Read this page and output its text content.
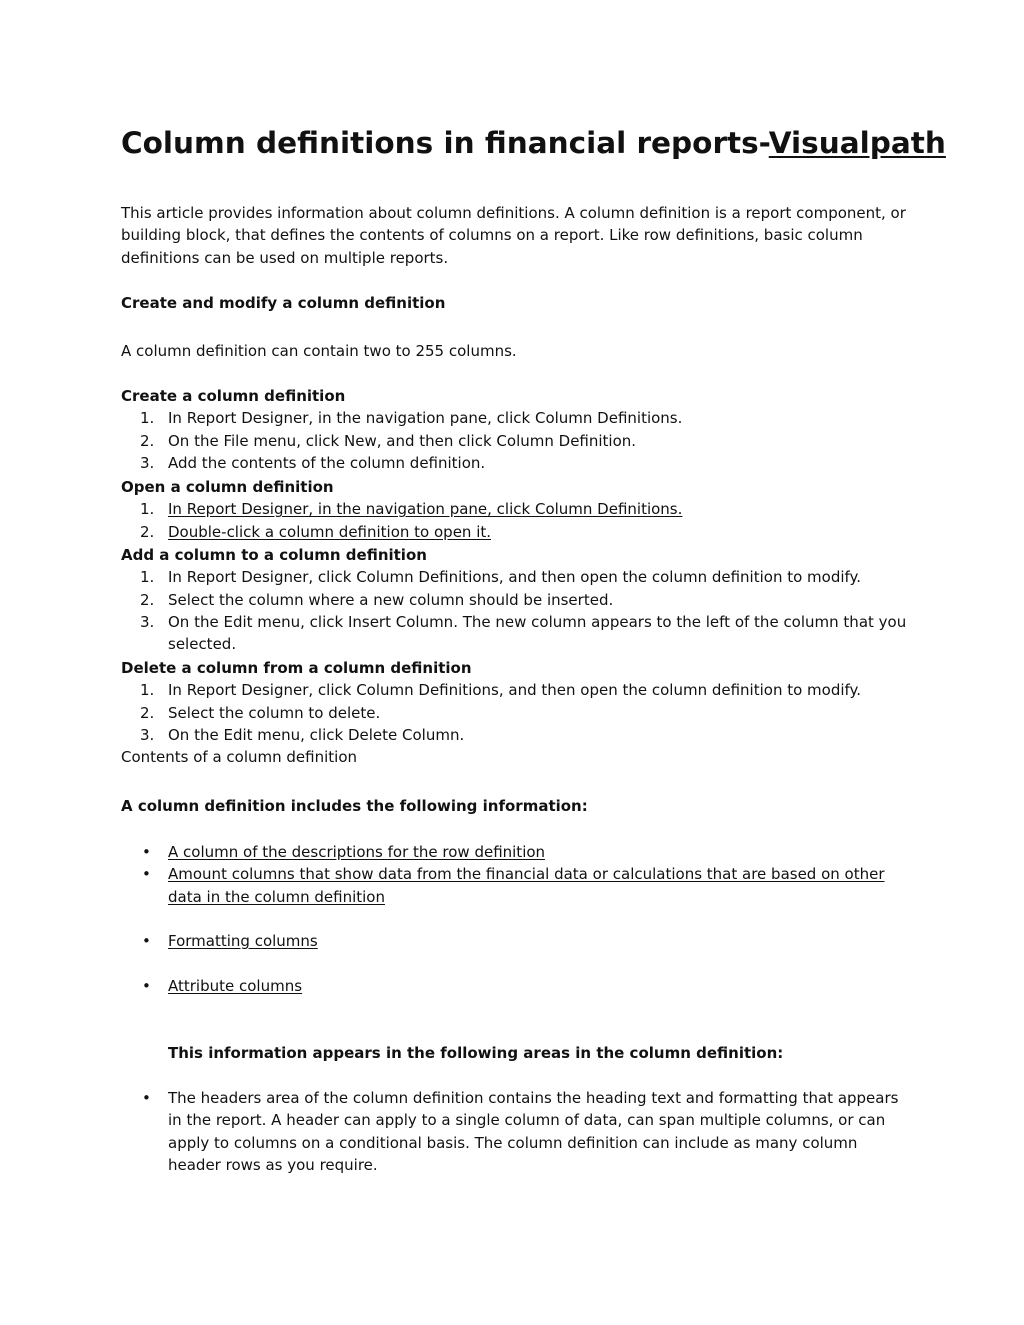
Column definitions in financial reports-Visualpath
This article provides information about column definitions. A column definition is a report component, or building block, that defines the contents of columns on a report. Like row definitions, basic column definitions can be used on multiple reports.
Create and modify a column definition
A column definition can contain two to 255 columns.
Create a column definition
1. In Report Designer, in the navigation pane, click Column Definitions.
2. On the File menu, click New, and then click Column Definition.
3. Add the contents of the column definition.
Open a column definition
1. In Report Designer, in the navigation pane, click Column Definitions.
2. Double-click a column definition to open it.
Add a column to a column definition
1. In Report Designer, click Column Definitions, and then open the column definition to modify.
2. Select the column where a new column should be inserted.
3. On the Edit menu, click Insert Column. The new column appears to the left of the column that you selected.
Delete a column from a column definition
1. In Report Designer, click Column Definitions, and then open the column definition to modify.
2. Select the column to delete.
3. On the Edit menu, click Delete Column.
Contents of a column definition
A column definition includes the following information:
• A column of the descriptions for the row definition
• Amount columns that show data from the financial data or calculations that are based on other data in the column definition
• Formatting columns
• Attribute columns
This information appears in the following areas in the column definition:
• The headers area of the column definition contains the heading text and formatting that appears in the report. A header can apply to a single column of data, can span multiple columns, or can apply to columns on a conditional basis. The column definition can include as many column header rows as you require.
